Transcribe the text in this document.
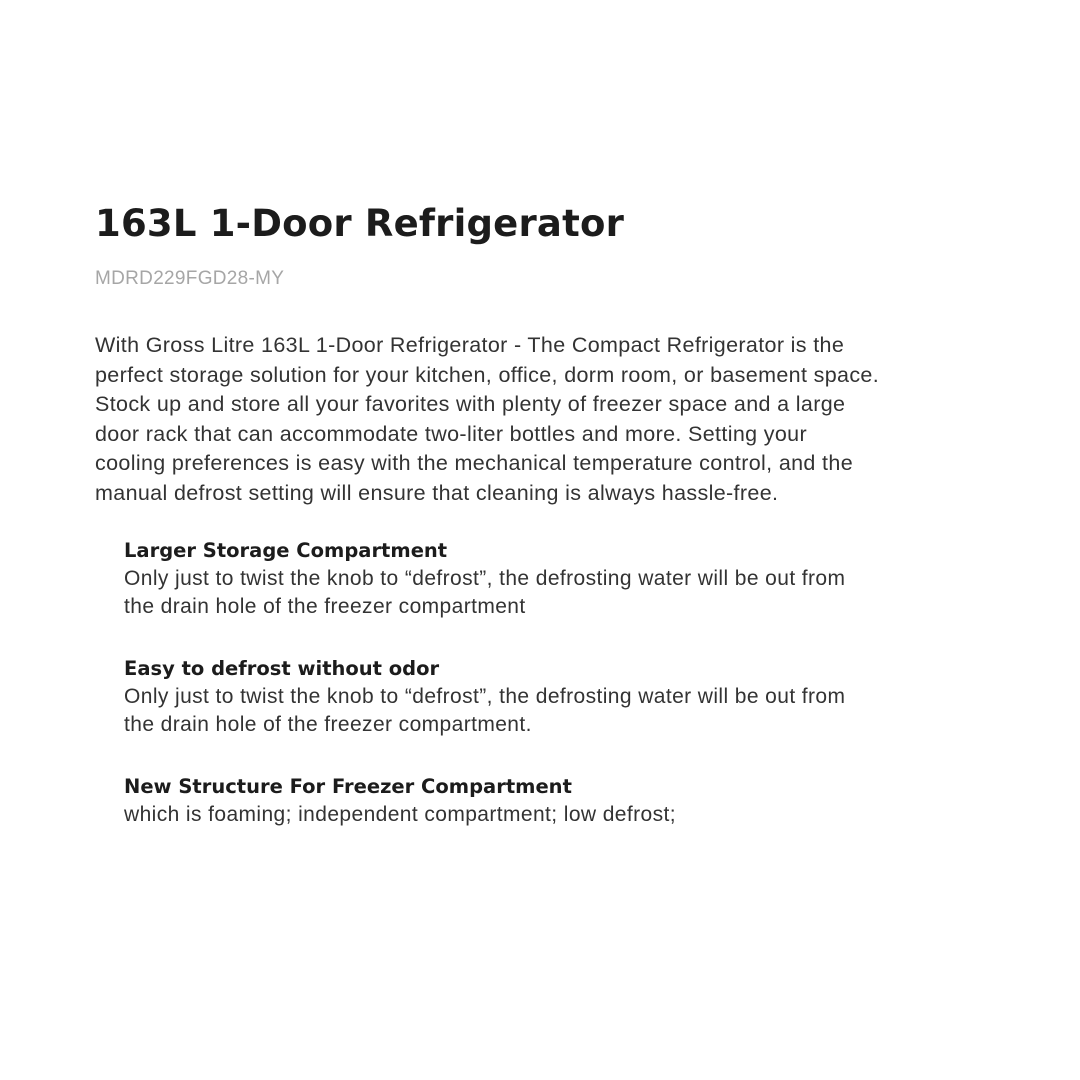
163L 1-Door Refrigerator

MDRD229FGD28-MY

With Gross Litre 163L 1-Door Refrigerator - The Compact Refrigerator is the
perfect storage solution for your kitchen, office, dorm room, or basement space.
Stock up and store all your favorites with plenty of freezer space and a large
door rack that can accommodate two-liter bottles and more. Setting your
cooling preferences is easy with the mechanical temperature control, and the
manual defrost setting will ensure that cleaning is always hassle-free.

Larger Storage Compartment

Only just to twist the knob to “defrost”, the defrosting water will be out from
the drain hole of the freezer compartment

Easy to defrost without odor

Only just to twist the knob to “defrost”, the defrosting water will be out from
the drain hole of the freezer compartment.

New Structure For Freezer Compartment

which is foaming; independent compartment; low defrost;
